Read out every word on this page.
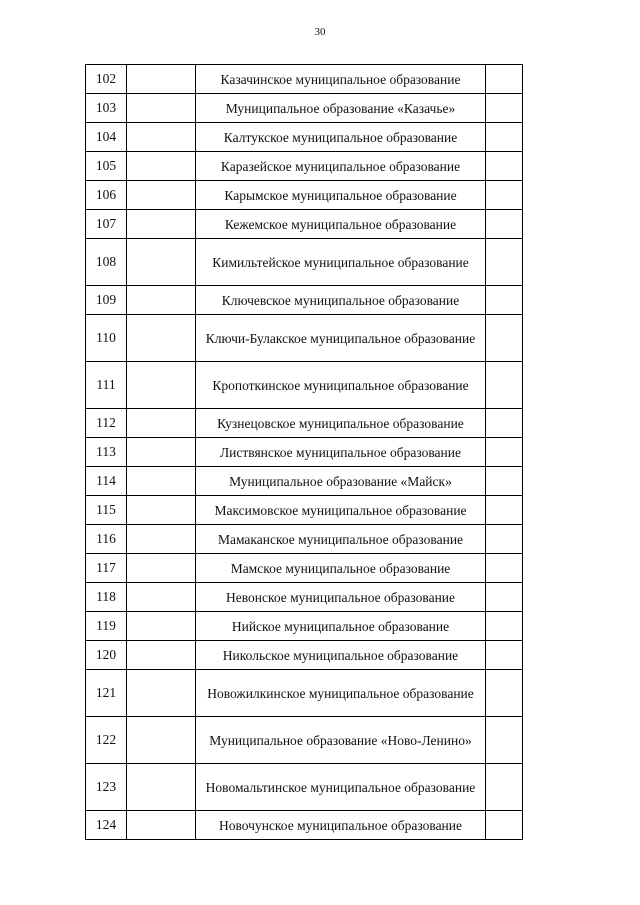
30
102		Казачинское муниципальное образование	
103		Муниципальное образование «Казачье»	
104		Калтукское муниципальное образование	
105		Каразейское муниципальное образование	
106		Карымское муниципальное образование	
107		Кежемское муниципальное образование	
108		Кимильтейское муниципальное образование	
109		Ключевское муниципальное образование	
110		Ключи-Булакское муниципальное образование	
111		Кропоткинское муниципальное образование	
112		Кузнецовское муниципальное образование	
113		Листвянское муниципальное образование	
114		Муниципальное образование «Майск»	
115		Максимовское муниципальное образование	
116		Мамаканское муниципальное образование	
117		Мамское муниципальное образование	
118		Невонское муниципальное образование	
119		Нийское муниципальное образование	
120		Никольское муниципальное образование	
121		Новожилкинское муниципальное образование	
122		Муниципальное образование «Ново-Ленино»	
123		Новомальтинское муниципальное образование	
124		Новочунское муниципальное образование	
